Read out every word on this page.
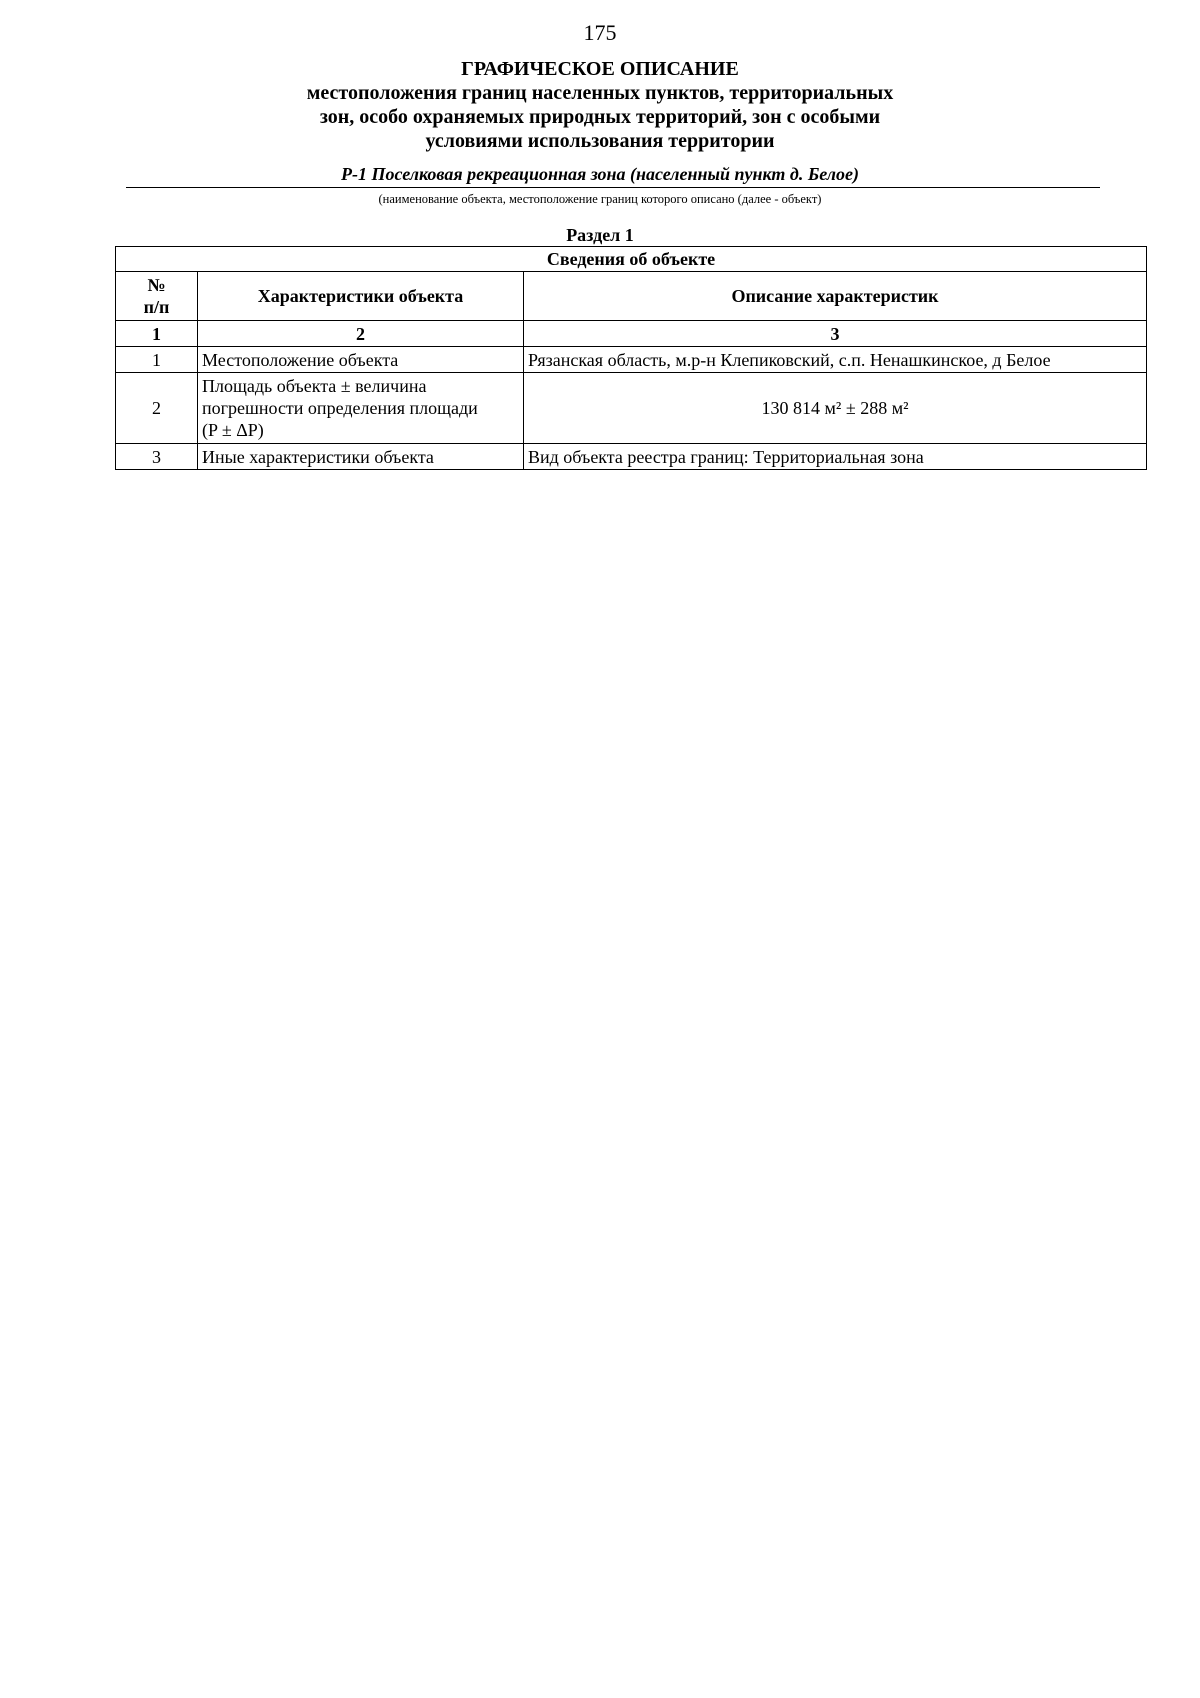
175
ГРАФИЧЕСКОЕ ОПИСАНИЕ
местоположения границ населенных пунктов, территориальных
зон, особо охраняемых природных территорий, зон с особыми
условиями использования территории
Р-1 Поселковая рекреационная зона (населенный пункт д. Белое)
(наименование объекта, местоположение границ которого описано (далее - объект)
Раздел 1
Сведения об объекте		

№
п/п	Характеристики объекта	Описание характеристик
1	2	3
1	Местоположение объекта	Рязанская область, м.р-н Клепиковский, с.п. Ненашкинское, д Белое
2	Площадь объекта ± величина
погрешности определения площади
(P ± ΔP)	130 814 м² ± 288 м²
3	Иные характеристики объекта	Вид объекта реестра границ: Территориальная зона
